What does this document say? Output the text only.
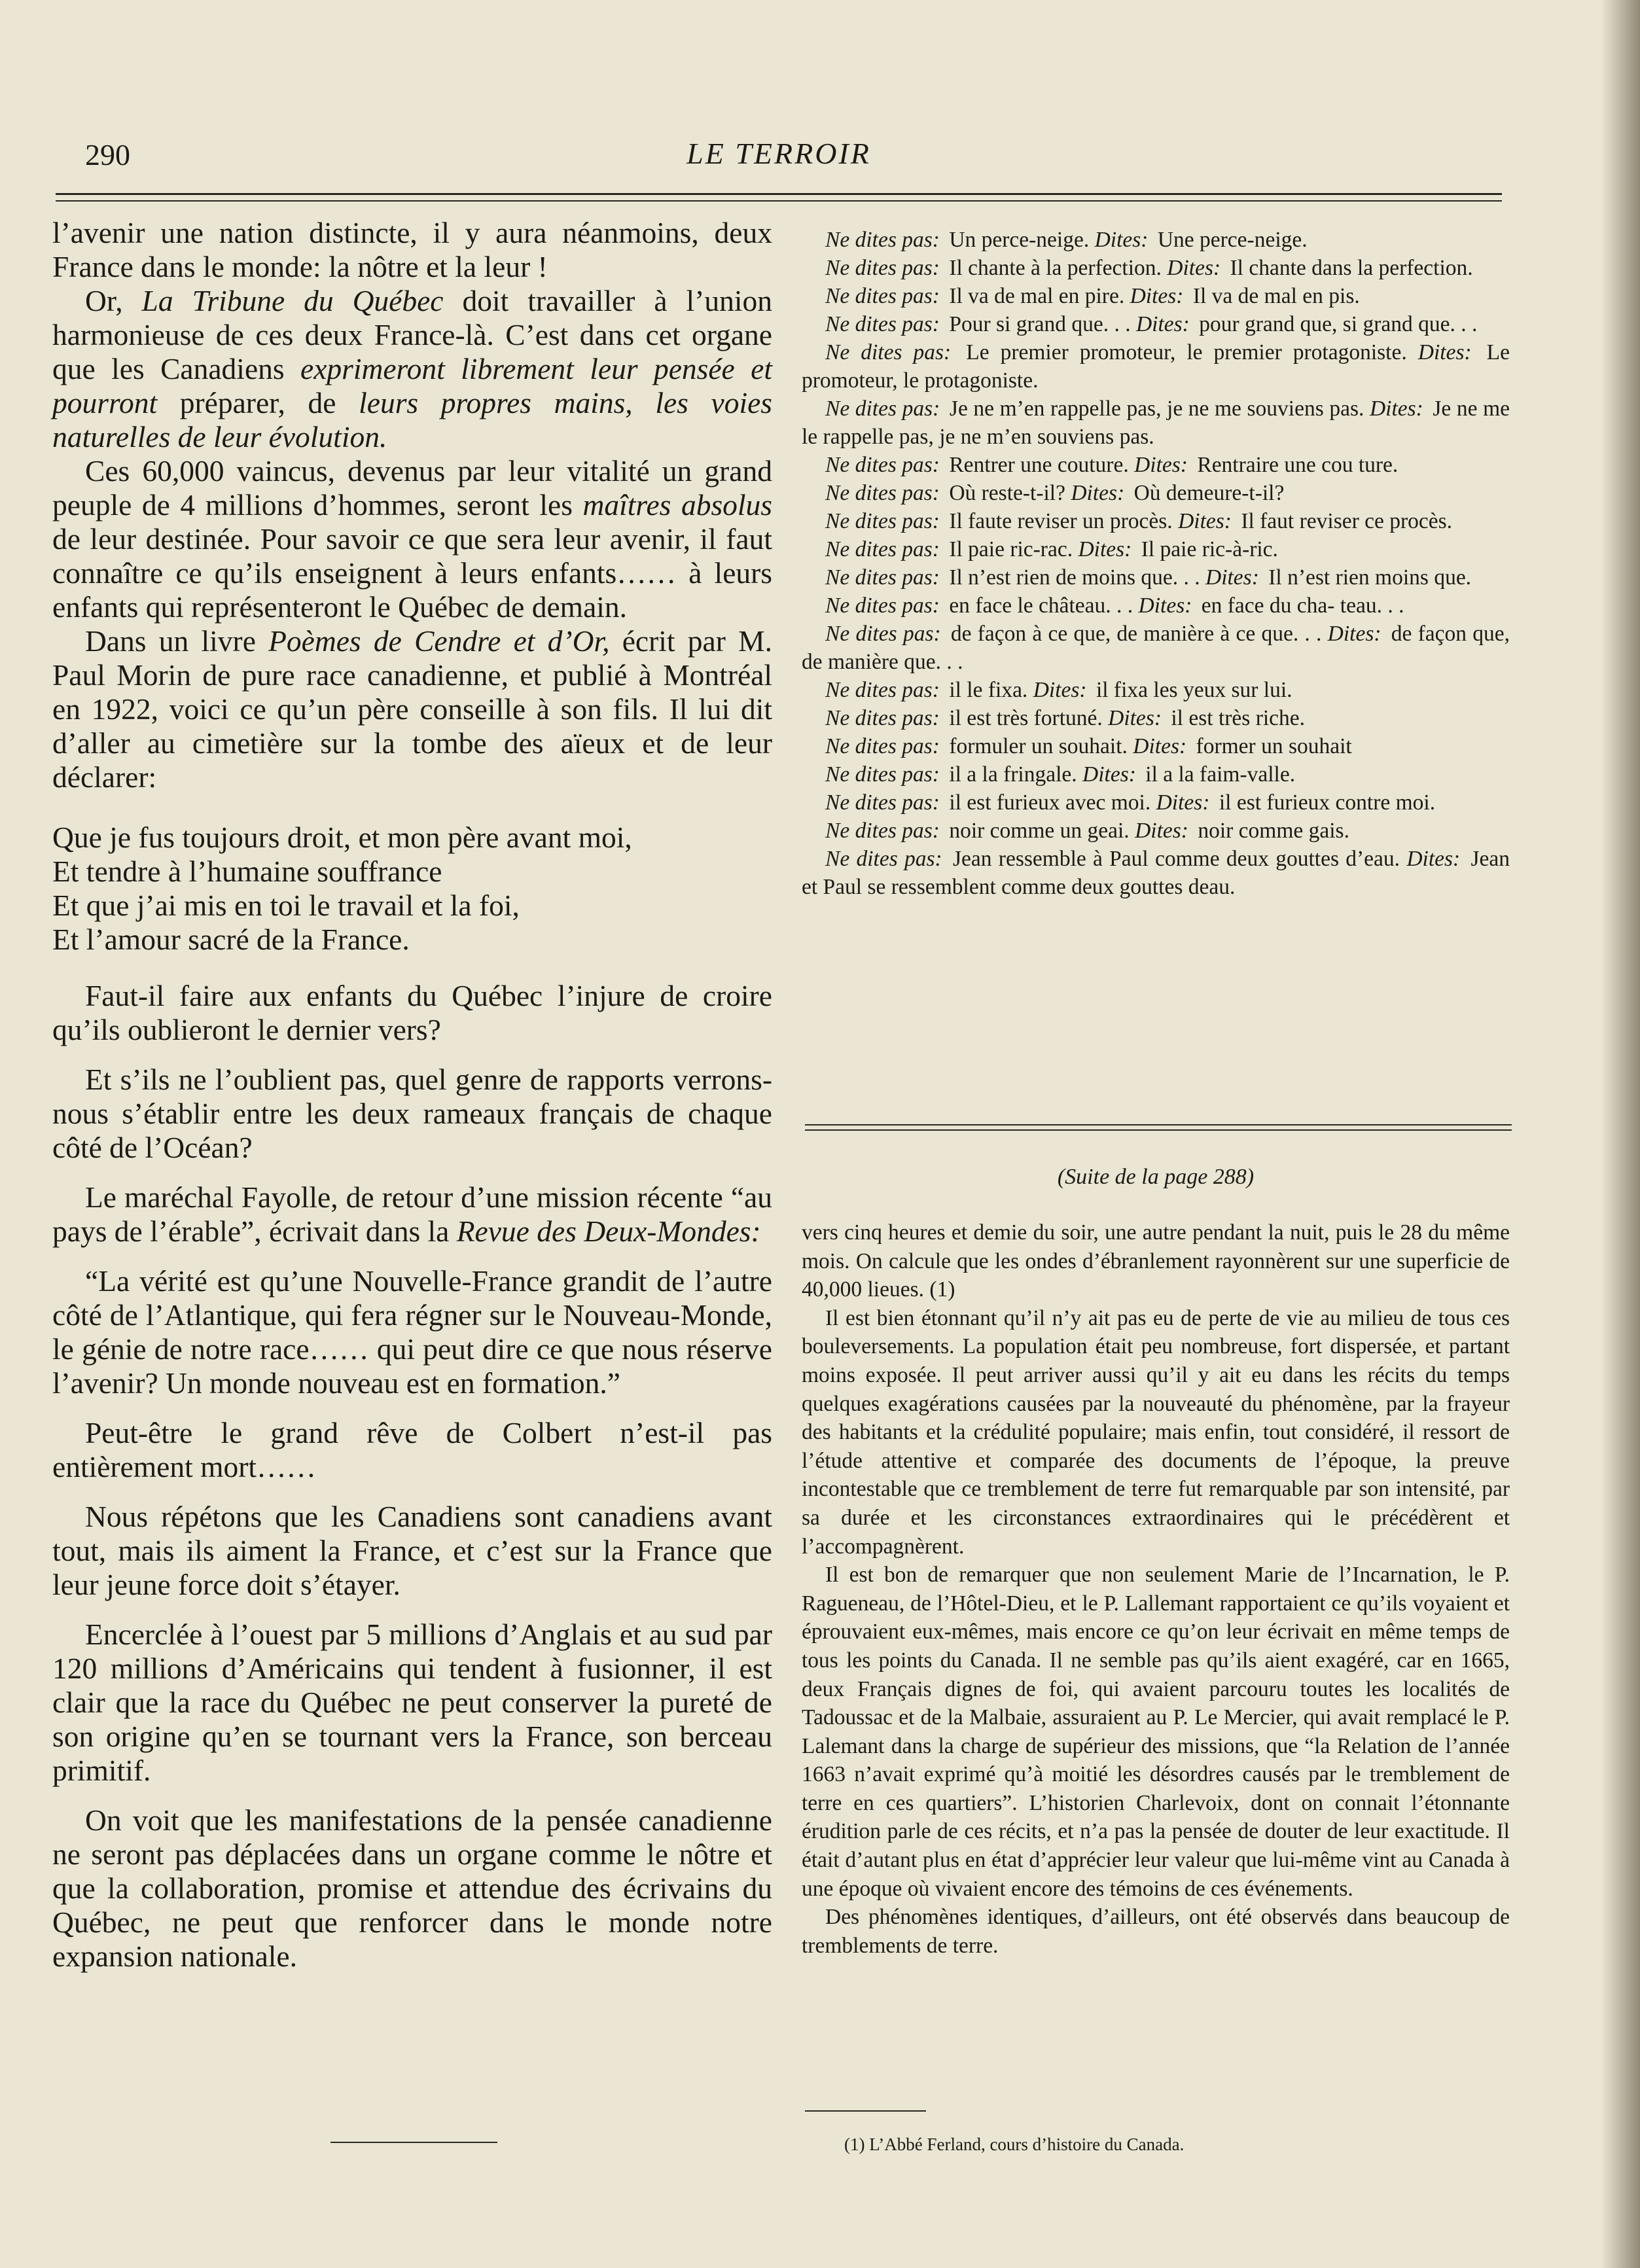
290	LE TERROIR

l’avenir une nation distincte, il y aura néanmoins, deux France dans le monde: la nôtre et la leur !

Or, La Tribune du Québec doit travailler à l’union harmonieuse de ces deux France-là. C’est dans cet organe que les Canadiens exprimeront librement leur pensée et pourront préparer, de leurs propres mains, les voies naturelles de leur évolution.

Ces 60,000 vaincus, devenus par leur vitalité un grand peuple de 4 millions d’hommes, seront les maîtres absolus de leur destinée. Pour savoir ce que sera leur avenir, il faut connaître ce qu’ils enseignent à leurs enfants…… à leurs enfants qui représenteront le Québec de demain.

Dans un livre Poèmes de Cendre et d’Or, écrit par M. Paul Morin de pure race canadienne, et publié à Montréal en 1922, voici ce qu’un père conseille à son fils. Il lui dit d’aller au cimetière sur la tombe des aïeux et de leur déclarer:

Que je fus toujours droit, et mon père avant moi,
Et tendre à l’humaine souffrance
Et que j’ai mis en toi le travail et la foi,
Et l’amour sacré de la France.

Faut-il faire aux enfants du Québec l’injure de croire qu’ils oublieront le dernier vers?

Et s’ils ne l’oublient pas, quel genre de rapports verrons-nous s’établir entre les deux rameaux français de chaque côté de l’Océan?

Le maréchal Fayolle, de retour d’une mission récente “au pays de l’érable”, écrivait dans la Revue des Deux-Mondes:

“La vérité est qu’une Nouvelle-France grandit de l’autre côté de l’Atlantique, qui fera régner sur le Nouveau-Monde, le génie de notre race…… qui peut dire ce que nous réserve l’avenir? Un monde nouveau est en formation.”

Peut-être le grand rêve de Colbert n’est-il pas entièrement mort……

Nous répétons que les Canadiens sont canadiens avant tout, mais ils aiment la France, et c’est sur la France que leur jeune force doit s’étayer.

Encerclée à l’ouest par 5 millions d’Anglais et au sud par 120 millions d’Américains qui tendent à fusionner, il est clair que la race du Québec ne peut conserver la pureté de son origine qu’en se tournant vers la France, son berceau primitif.

On voit que les manifestations de la pensée canadienne ne seront pas déplacées dans un organe comme le nôtre et que la collaboration, promise et attendue des écrivains du Québec, ne peut que renforcer dans le monde notre expansion nationale.

Ne dites pas: Un perce-neige. Dites: Une perce-neige.

Ne dites pas: Il chante à la perfection. Dites: Il chante dans la perfection.

Ne dites pas: Il va de mal en pire. Dites: Il va de mal en pis.

Ne dites pas: Pour si grand que. . . Dites: pour grand que, si grand que. . .

Ne dites pas: Le premier promoteur, le premier protagoniste. Dites: Le promoteur, le protagoniste.

Ne dites pas: Je ne m’en rappelle pas, je ne me souviens pas. Dites: Je ne me le rappelle pas, je ne m’en souviens pas.

Ne dites pas: Rentrer une couture. Dites: Rentraire une cou ture.

Ne dites pas: Où reste-t-il? Dites: Où demeure-t-il?

Ne dites pas: Il faute reviser un procès. Dites: Il faut reviser ce procès.

Ne dites pas: Il paie ric-rac. Dites: Il paie ric-à-ric.

Ne dites pas: Il n’est rien de moins que. . . Dites: Il n’est rien moins que.

Ne dites pas: en face le château. . . Dites: en face du cha- teau. . .

Ne dites pas: de façon à ce que, de manière à ce que. . . Dites: de façon que, de manière que. . .

Ne dites pas: il le fixa. Dites: il fixa les yeux sur lui.

Ne dites pas: il est très fortuné. Dites: il est très riche.

Ne dites pas: formuler un souhait. Dites: former un souhait

Ne dites pas: il a la fringale. Dites: il a la faim-valle.

Ne dites pas: il est furieux avec moi. Dites: il est furieux contre moi.

Ne dites pas: noir comme un geai. Dites: noir comme gais.

Ne dites pas: Jean ressemble à Paul comme deux gouttes d’eau. Dites: Jean et Paul se ressemblent comme deux gouttes deau.

(Suite de la page 288)

vers cinq heures et demie du soir, une autre pendant la nuit, puis le 28 du même mois. On calcule que les ondes d’ébranlement rayonnèrent sur une superficie de 40,000 lieues. (1)

Il est bien étonnant qu’il n’y ait pas eu de perte de vie au milieu de tous ces bouleversements. La population était peu nombreuse, fort dispersée, et partant moins exposée. Il peut arriver aussi qu’il y ait eu dans les récits du temps quelques exagérations causées par la nouveauté du phénomène, par la frayeur des habitants et la crédulité populaire; mais enfin, tout considéré, il ressort de l’étude attentive et comparée des documents de l’époque, la preuve incontestable que ce tremblement de terre fut remarquable par son intensité, par sa durée et les circonstances extraordinaires qui le précédèrent et l’accompagnèrent.

Il est bon de remarquer que non seulement Marie de l’Incarnation, le P. Ragueneau, de l’Hôtel-Dieu, et le P. Lallemant rapportaient ce qu’ils voyaient et éprouvaient eux-mêmes, mais encore ce qu’on leur écrivait en même temps de tous les points du Canada. Il ne semble pas qu’ils aient exagéré, car en 1665, deux Français dignes de foi, qui avaient parcouru toutes les localités de Tadoussac et de la Malbaie, assuraient au P. Le Mercier, qui avait remplacé le P. Lalemant dans la charge de supérieur des missions, que “la Relation de l’année 1663 n’avait exprimé qu’à moitié les désordres causés par le tremblement de terre en ces quartiers”. L’historien Charlevoix, dont on connait l’étonnante érudition parle de ces récits, et n’a pas la pensée de douter de leur exactitude. Il était d’autant plus en état d’apprécier leur valeur que lui-même vint au Canada à une époque où vivaient encore des témoins de ces événements.

Des phénomènes identiques, d’ailleurs, ont été observés dans beaucoup de tremblements de terre.

(1) L’Abbé Ferland, cours d’histoire du Canada.
